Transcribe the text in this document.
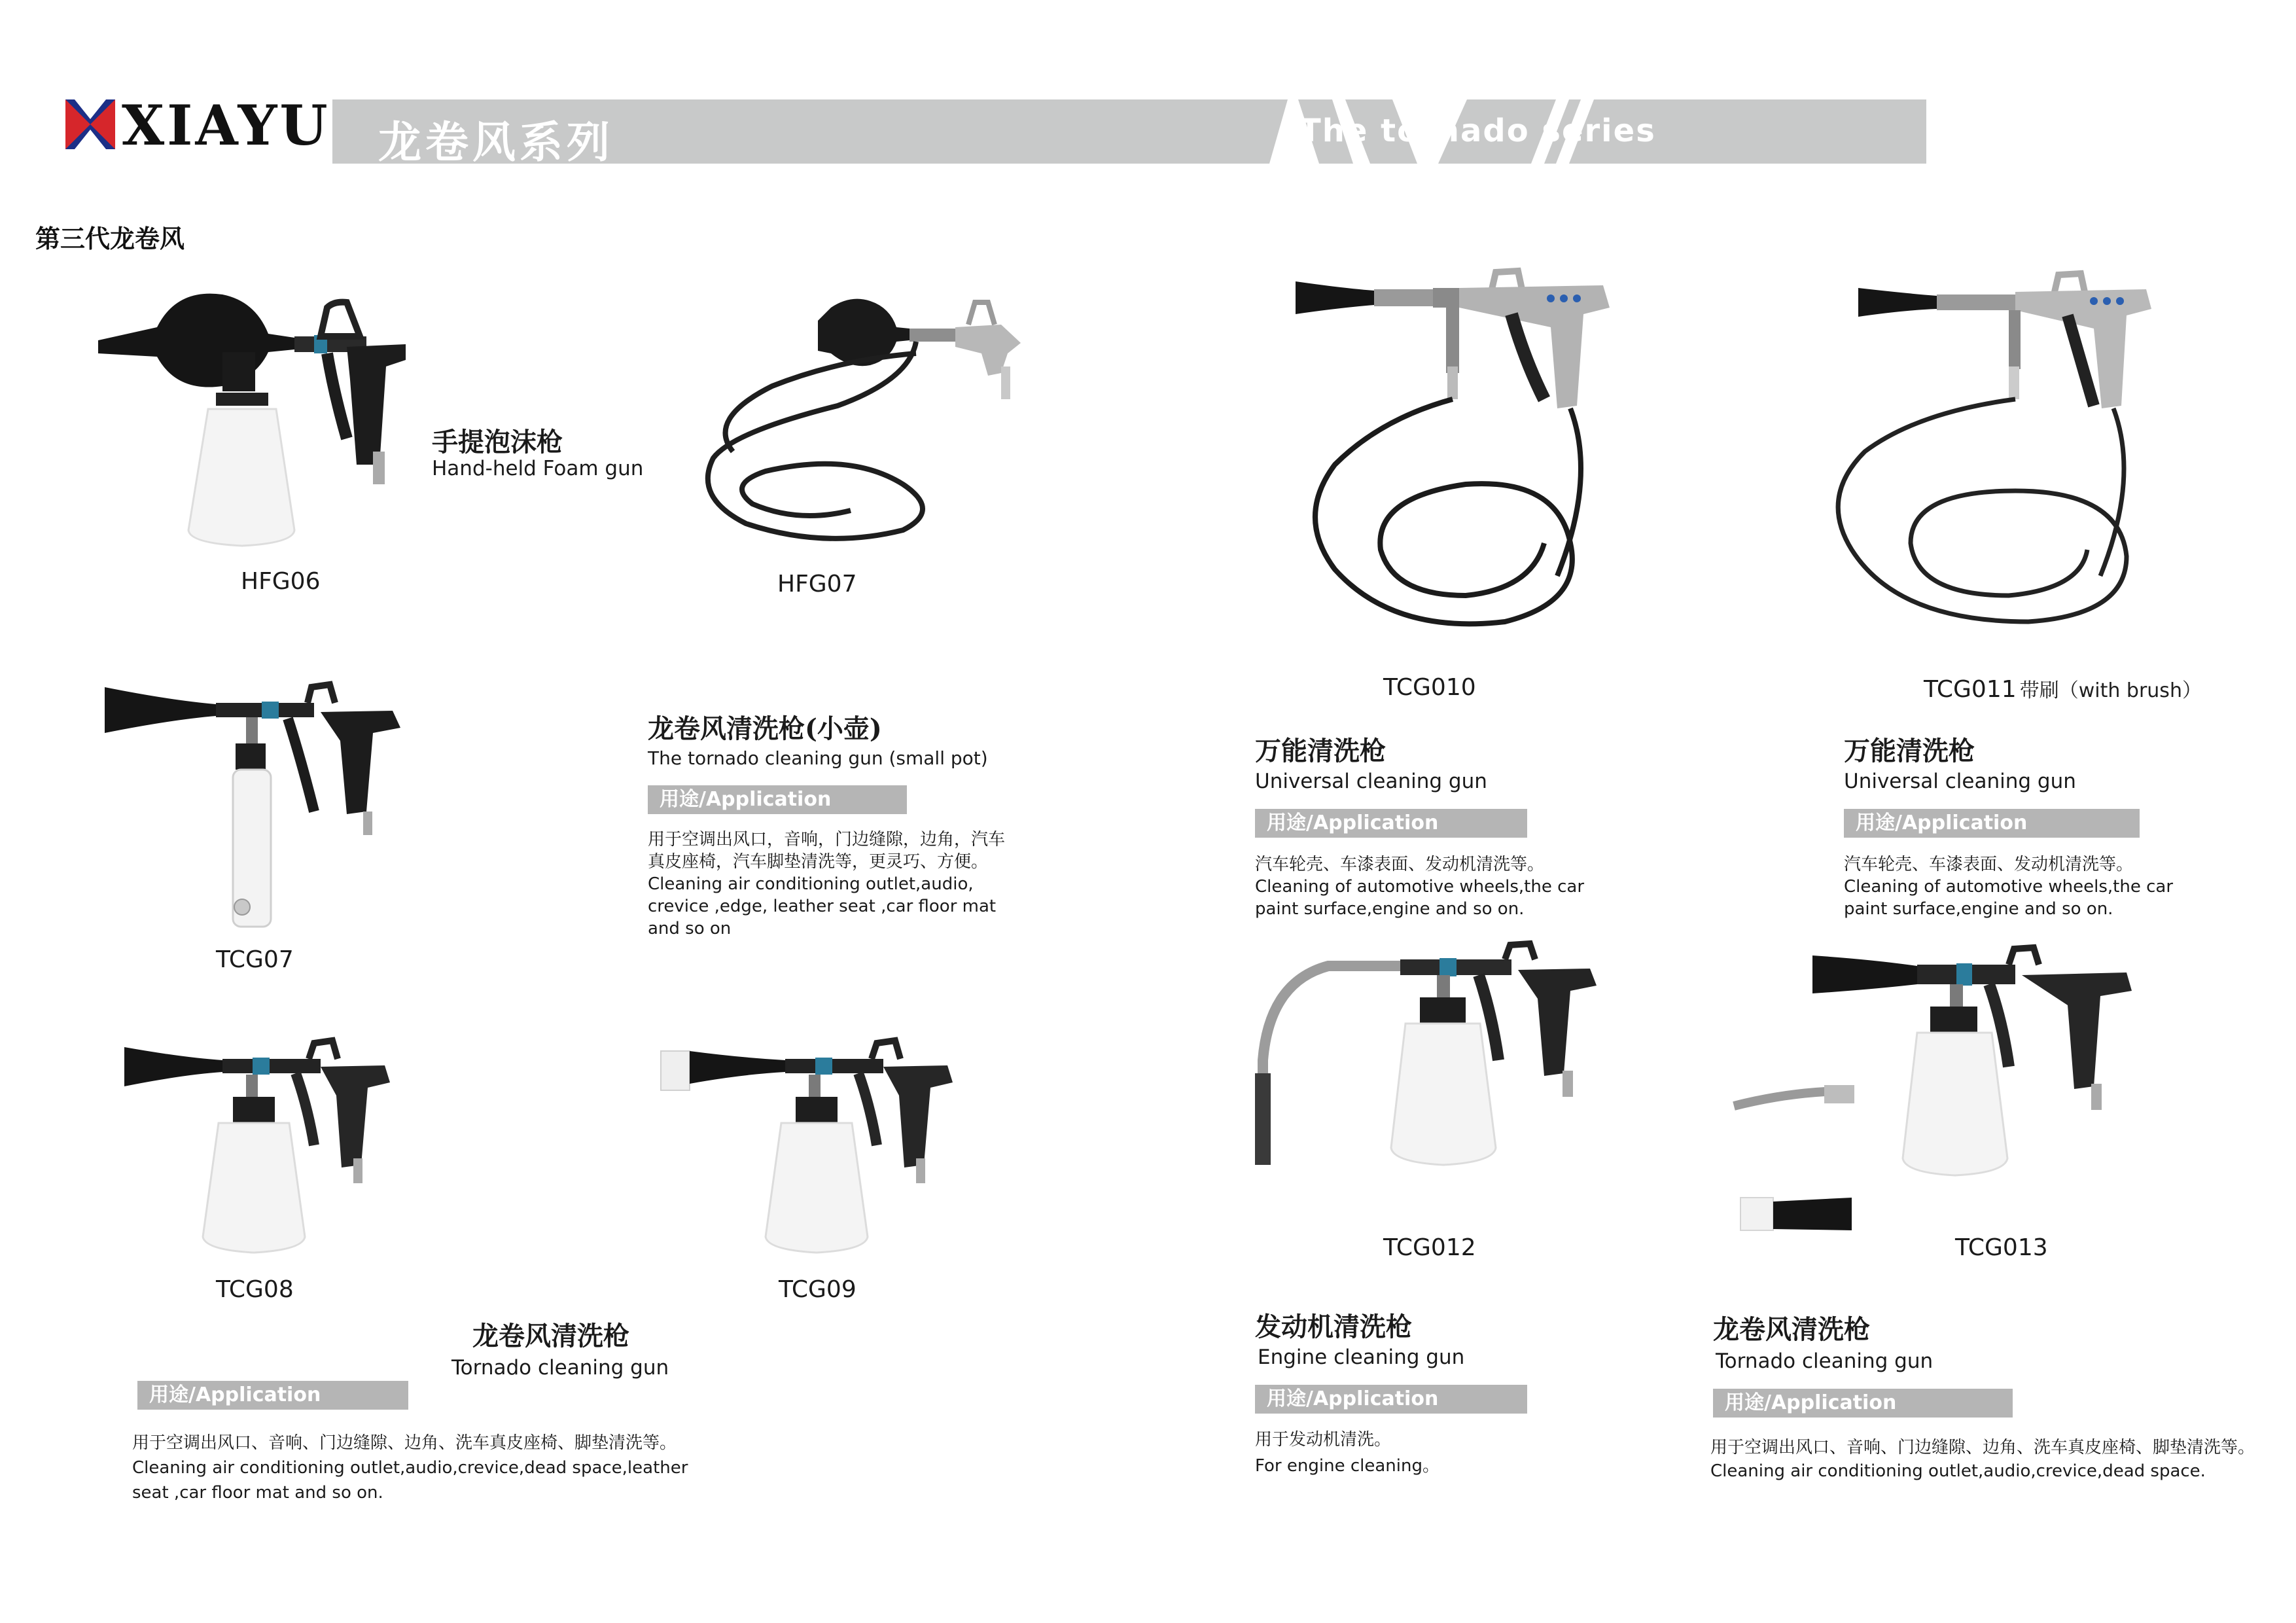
XIAYU 龙卷风系列	The tornado series
第三代龙卷风
HFG06	HFG07
TCG07
TCG08	TCG09
TCG010	TCG011 带刷（with brush）
TCG012	TCG013
手提泡沫枪
Hand-held Foam gun
龙卷风清洗枪(小壶)
The tornado cleaning gun (small pot)
用途/Application
用于空调出风口，音响，门边缝隙，边角，汽车
真皮座椅，汽车脚垫清洗等，更灵巧、方便。
Cleaning air conditioning outlet,audio,
crevice ,edge, leather seat ,car floor mat
and so on
龙卷风清洗枪
Tornado cleaning gun
用途/Application
用于空调出风口、音响、门边缝隙、边角、洗车真皮座椅、脚垫清洗等。
Cleaning air conditioning outlet,audio,crevice,dead space,leather
seat ,car floor mat and so on.
万能清洗枪
Universal cleaning gun
用途/Application
汽车轮壳、车漆表面、发动机清洗等。
Cleaning of automotive wheels,the car
paint surface,engine and so on.
万能清洗枪
Universal cleaning gun
用途/Application
汽车轮壳、车漆表面、发动机清洗等。
Cleaning of automotive wheels,the car
paint surface,engine and so on.
发动机清洗枪
Engine cleaning gun
用途/Application
用于发动机清洗。
For engine cleaning。
龙卷风清洗枪
Tornado cleaning gun
用途/Application
用于空调出风口、音响、门边缝隙、边角、洗车真皮座椅、脚垫清洗等。
Cleaning air conditioning outlet,audio,crevice,dead space.
